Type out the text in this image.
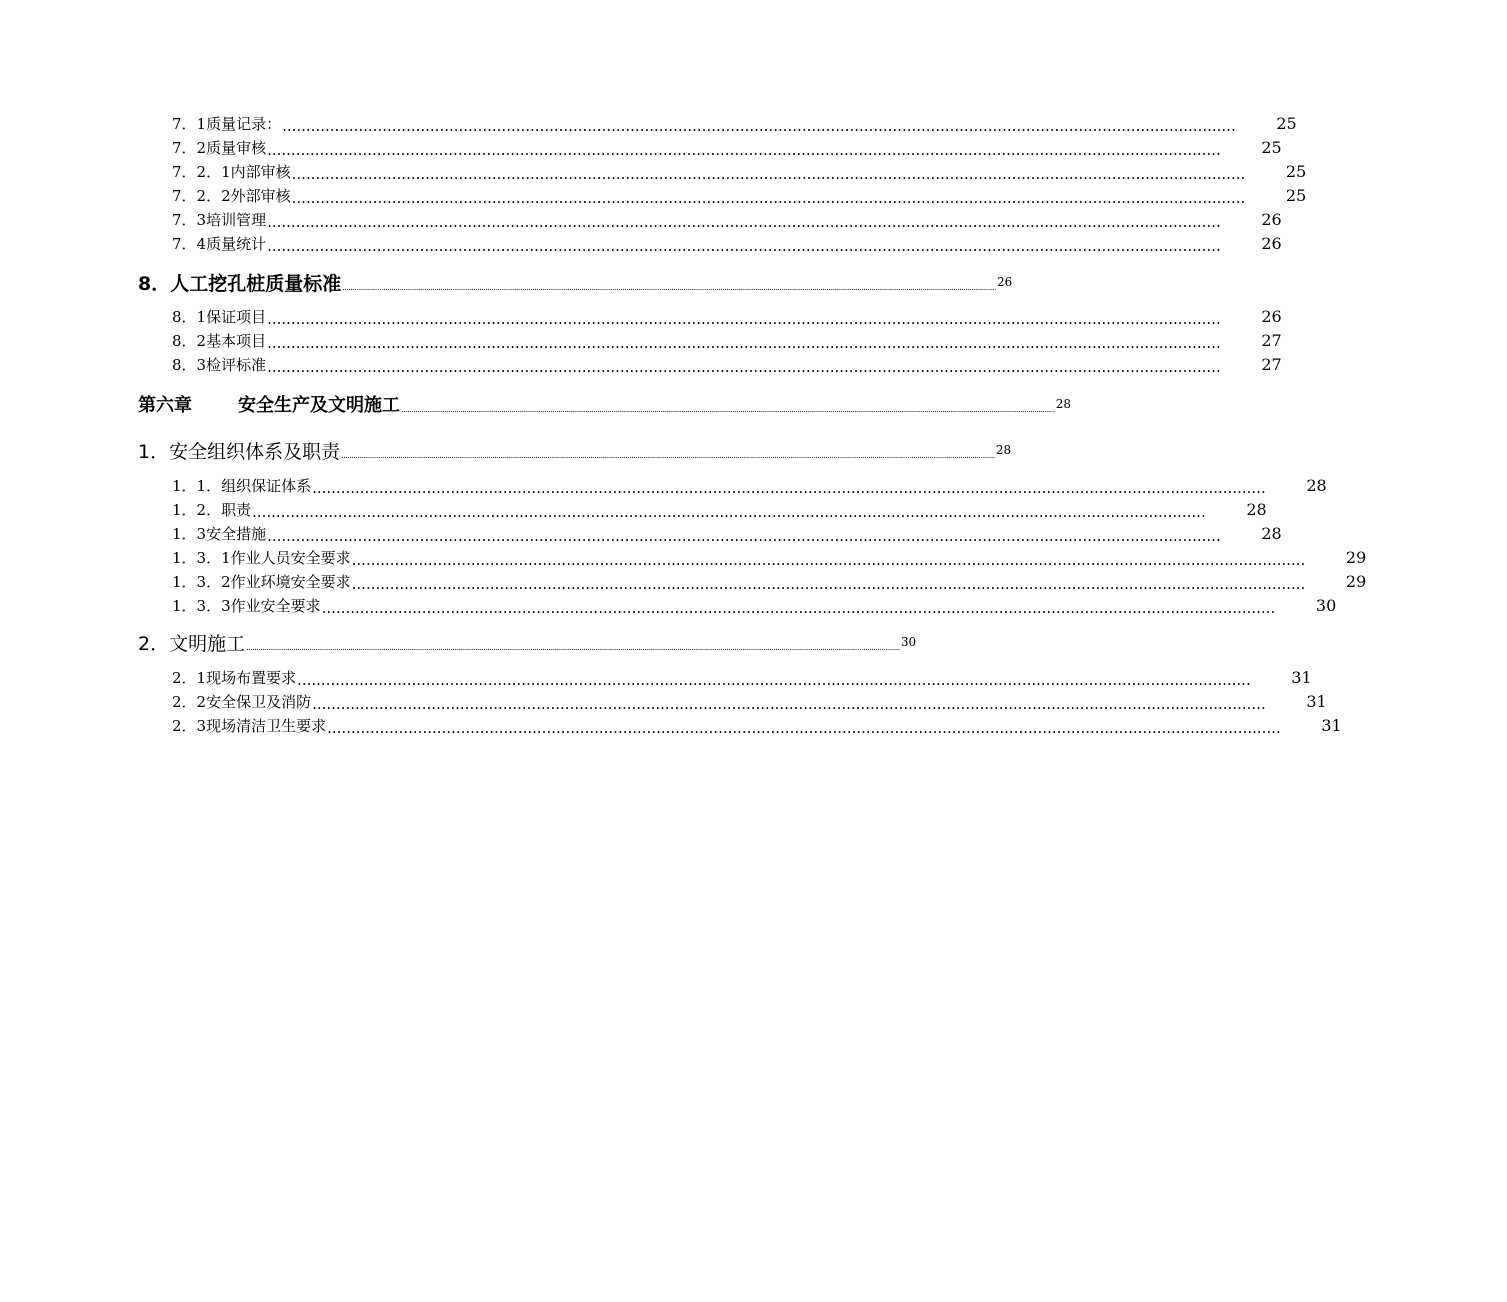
7．1质量记录： ........................................................................................................................................................................................................	25
7．2质量审核 ........................................................................................................................................................................................................	25
7．2．1内部审核 ........................................................................................................................................................................................................	25
7．2．2外部审核 ........................................................................................................................................................................................................	25
7．3培训管理 ........................................................................................................................................................................................................	26
7．4质量统计 ........................................................................................................................................................................................................	26
8．人工挖孔桩质量标准 ................................................................................................................................................................................................................................................................................................................................ 26
8．1保证项目 ........................................................................................................................................................................................................	26
8．2基本项目 ........................................................................................................................................................................................................	27
8．3检评标准 ........................................................................................................................................................................................................	27
第六章	安全生产及文明施工 ................................................................................................................................................................................................................................................................................................................................ 28
1．安全组织体系及职责 ................................................................................................................................................................................................................................................................................................................................ 28
1．1．组织保证体系 ........................................................................................................................................................................................................	28
1．2．职责 ........................................................................................................................................................................................................	28
1．3安全措施 ........................................................................................................................................................................................................	28
1．3．1作业人员安全要求 ........................................................................................................................................................................................................	29
1．3．2作业环境安全要求 ........................................................................................................................................................................................................	29
1．3．3作业安全要求 ........................................................................................................................................................................................................	30
2．文明施工 ................................................................................................................................................................................................................................................................................................................................ 30
2．1现场布置要求 ........................................................................................................................................................................................................	31
2．2安全保卫及消防 ........................................................................................................................................................................................................	31
2．3现场清洁卫生要求 ........................................................................................................................................................................................................	31
